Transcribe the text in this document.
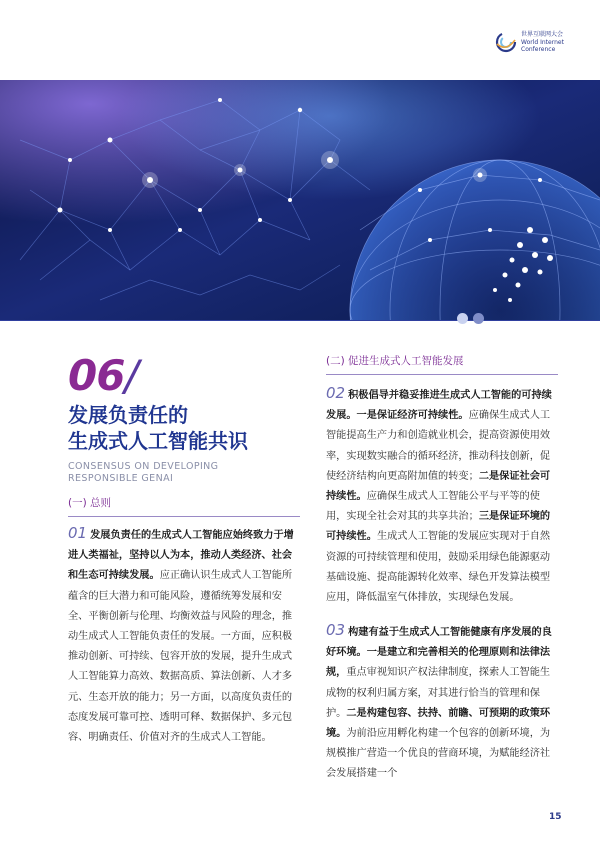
世界互联网大会
World Internet
Conference
06/
发展负责任的
生成式人工智能共识
CONSENSUS ON DEVELOPING
RESPONSIBLE GENAI
(一) 总则
01 发展负责任的生成式人工智能应始终致力于增进人类福祉，坚持以人为本，推动人类经济、社会和生态可持续发展。应正确认识生成式人工智能所蕴含的巨大潜力和可能风险，遵循统筹发展和安全、平衡创新与伦理、均衡效益与风险的理念，推动生成式人工智能负责任的发展。一方面，应积极推动创新、可持续、包容开放的发展，提升生成式人工智能算力高效、数据高质、算法创新、人才多元、生态开放的能力；另一方面，以高度负责任的态度发展可靠可控、透明可释、数据保护、多元包容、明确责任、价值对齐的生成式人工智能。
(二) 促进生成式人工智能发展
02 积极倡导并稳妥推进生成式人工智能的可持续发展。一是保证经济可持续性。应确保生成式人工智能提高生产力和创造就业机会，提高资源使用效率，实现数实融合的循环经济，推动科技创新，促使经济结构向更高附加值的转变；二是保证社会可持续性。应确保生成式人工智能公平与平等的使用，实现全社会对其的共享共治；三是保证环境的可持续性。生成式人工智能的发展应实现对于自然资源的可持续管理和使用，鼓励采用绿色能源驱动基础设施、提高能源转化效率、绿色开发算法模型应用，降低温室气体排放，实现绿色发展。
03 构建有益于生成式人工智能健康有序发展的良好环境。一是建立和完善相关的伦理原则和法律法规，重点审视知识产权法律制度，探索人工智能生成物的权利归属方案，对其进行恰当的管理和保护。二是构建包容、扶持、前瞻、可预期的政策环境。为前沿应用孵化构建一个包容的创新环境，为规模推广营造一个优良的营商环境，为赋能经济社会发展搭建一个
15
